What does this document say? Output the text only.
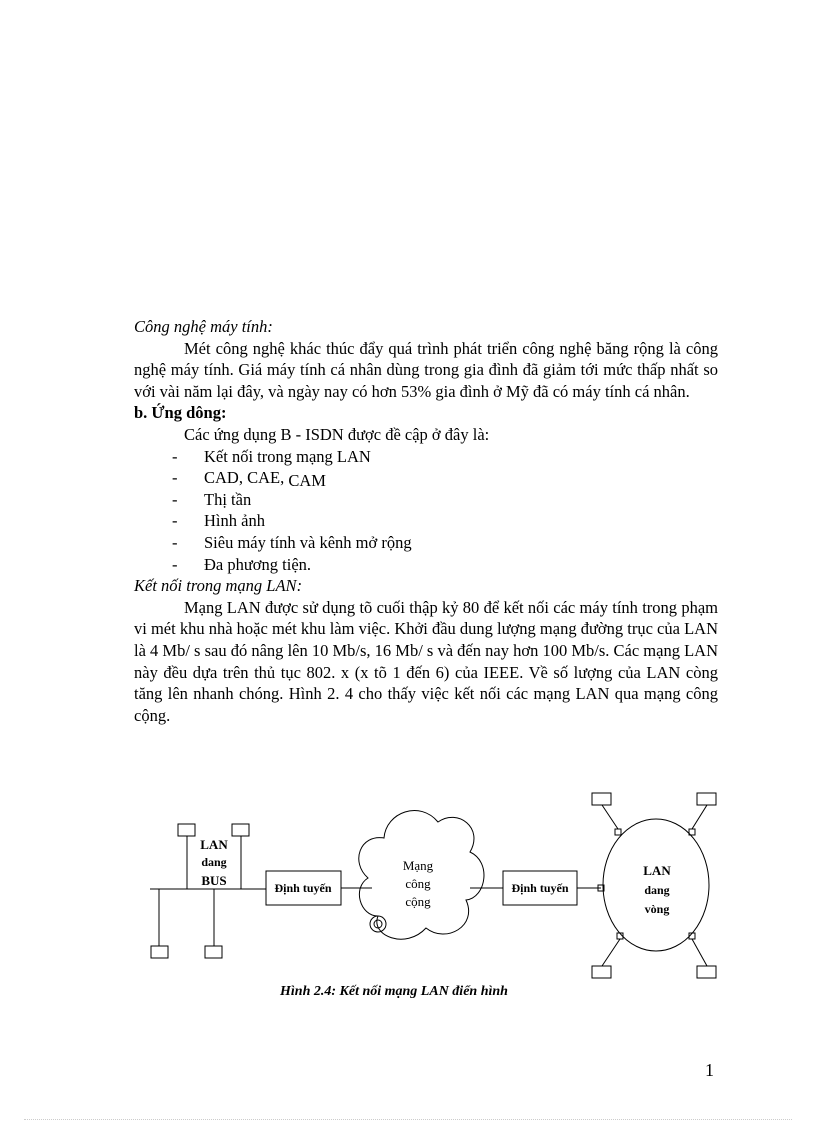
Công nghệ máy tính:

Mét công nghệ khác thúc đẩy quá trình phát triển công nghệ băng rộng là công nghệ máy tính. Giá máy tính cá nhân dùng trong gia đình đã giảm tới mức thấp nhất so với vài năm lại đây, và ngày nay có hơn 53% gia đình ở Mỹ đã có máy tính cá nhân.

b. Ứng dông:

Các ứng dụng B - ISDN được đề cập ở đây là:

- Kết nối trong mạng LAN
- CAD, CAE, CAM
- Thị tần
- Hình ảnh
- Siêu máy tính và kênh mở rộng
- Đa phương tiện.

Kết nối trong mạng LAN:

Mạng LAN được sử dụng tõ cuối thập kỷ 80 để kết nối các máy tính trong phạm vi mét khu nhà hoặc mét khu làm việc. Khởi đầu dung lượng mạng đường trục của LAN là 4 Mb/ s sau đó nâng lên 10 Mb/s, 16 Mb/ s và đến nay hơn 100 Mb/s. Các mạng LAN này đều dựa trên thủ tục 802. x (x tõ 1 đến 6) của IEEE. Về số lượng của LAN còng tăng lên nhanh chóng. Hình 2. 4 cho thấy việc kết nối các mạng LAN qua mạng công cộng.

LAN
dang
BUS	Định tuyến
Mạng
công
cộng
Định tuyến
LAN
dang
vòng
Hình 2.4: Kết nối mạng LAN điển hình
1
